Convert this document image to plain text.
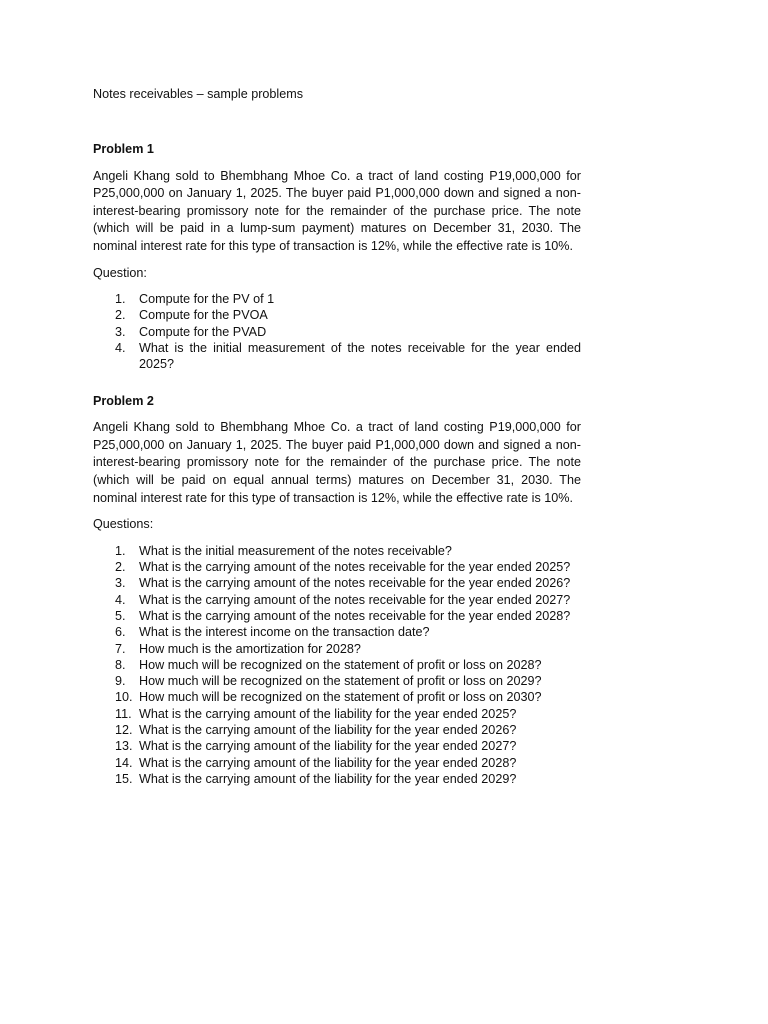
Notes receivables – sample problems

Problem 1

Angeli Khang sold to Bhembhang Mhoe Co. a tract of land costing P19,000,000 for P25,000,000 on January 1, 2025. The buyer paid P1,000,000 down and signed a non-interest-bearing promissory note for the remainder of the purchase price. The note (which will be paid in a lump-sum payment) matures on December 31, 2030. The nominal interest rate for this type of transaction is 12%, while the effective rate is 10%.

Question:

1. Compute for the PV of 1
2. Compute for the PVOA
3. Compute for the PVAD
4. What is the initial measurement of the notes receivable for the year ended 2025?

Problem 2

Angeli Khang sold to Bhembhang Mhoe Co. a tract of land costing P19,000,000 for P25,000,000 on January 1, 2025. The buyer paid P1,000,000 down and signed a non-interest-bearing promissory note for the remainder of the purchase price. The note (which will be paid on equal annual terms) matures on December 31, 2030. The nominal interest rate for this type of transaction is 12%, while the effective rate is 10%.

Questions:

1. What is the initial measurement of the notes receivable?
2. What is the carrying amount of the notes receivable for the year ended 2025?
3. What is the carrying amount of the notes receivable for the year ended 2026?
4. What is the carrying amount of the notes receivable for the year ended 2027?
5. What is the carrying amount of the notes receivable for the year ended 2028?
6. What is the interest income on the transaction date?
7. How much is the amortization for 2028?
8. How much will be recognized on the statement of profit or loss on 2028?
9. How much will be recognized on the statement of profit or loss on 2029?
10. How much will be recognized on the statement of profit or loss on 2030?
11. What is the carrying amount of the liability for the year ended 2025?
12. What is the carrying amount of the liability for the year ended 2026?
13. What is the carrying amount of the liability for the year ended 2027?
14. What is the carrying amount of the liability for the year ended 2028?
15. What is the carrying amount of the liability for the year ended 2029?
